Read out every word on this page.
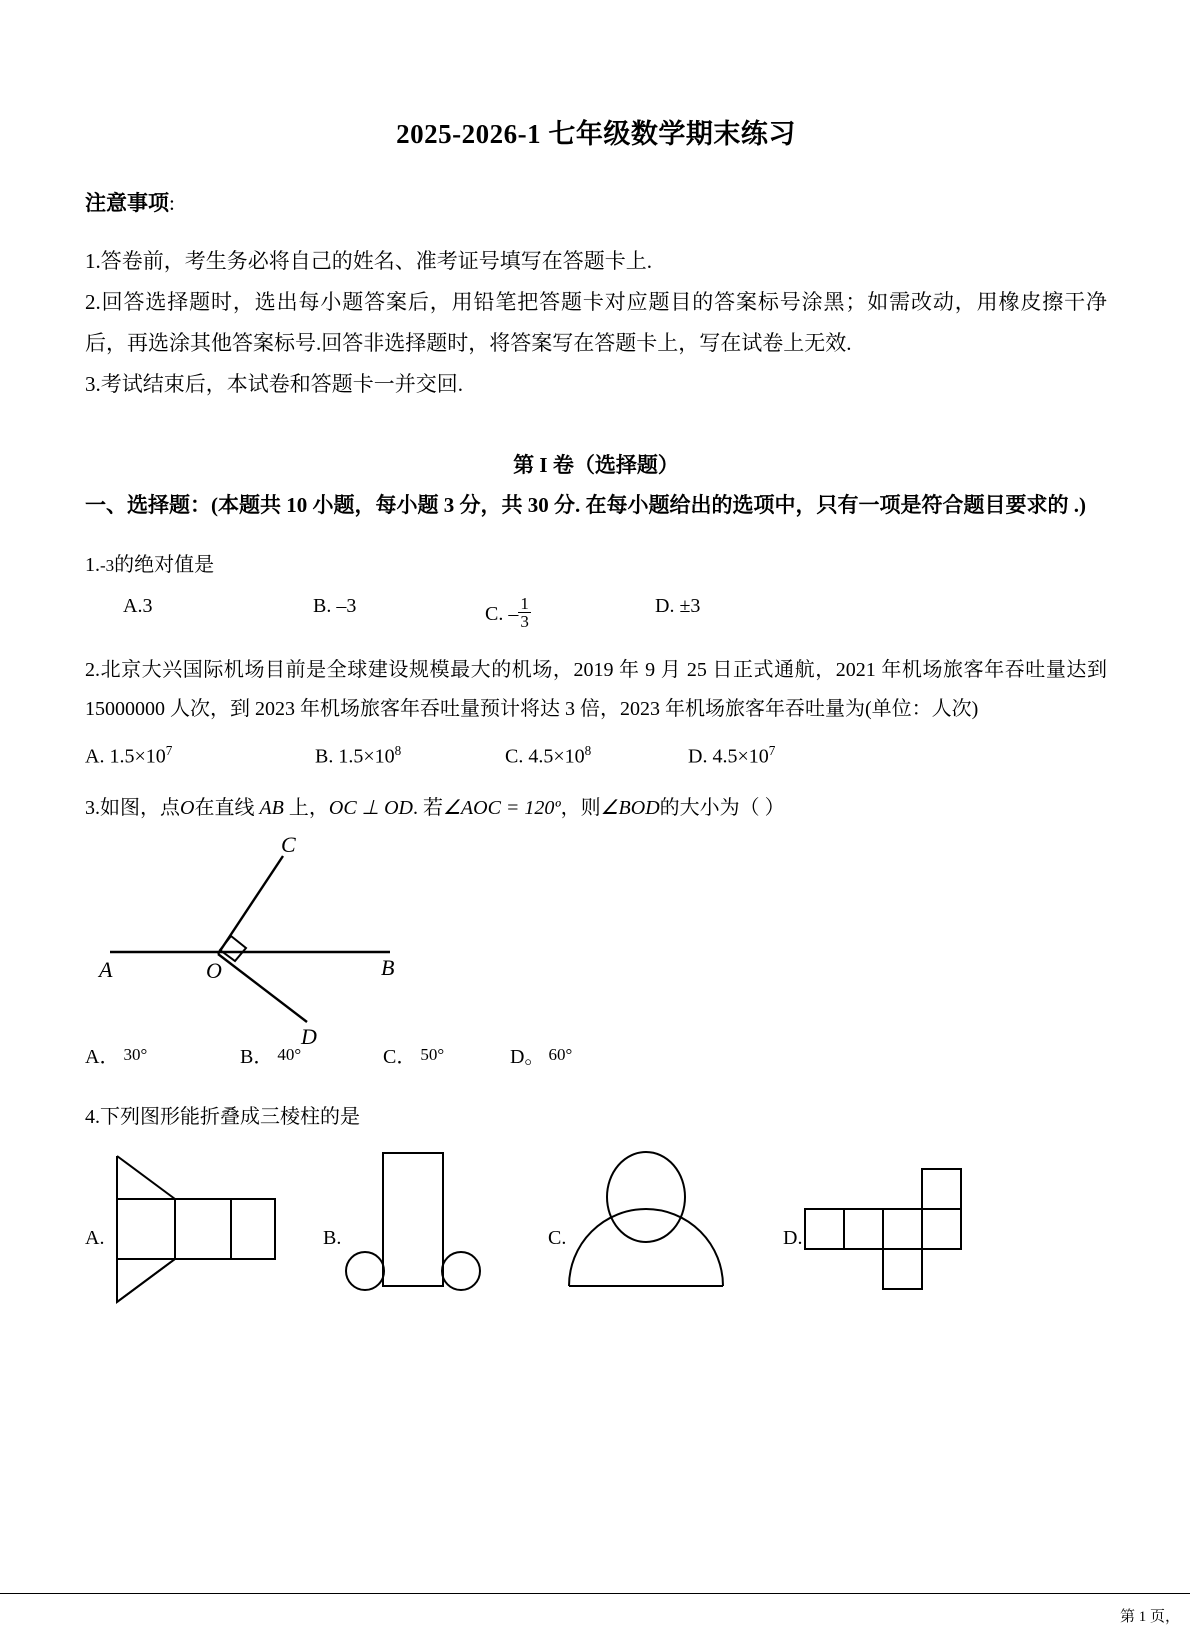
2025-2026-1 七年级数学期末练习

注意事项:

1.答卷前，考生务必将自己的姓名、准考证号填写在答题卡上.

2.回答选择题时，选出每小题答案后，用铅笔把答题卡对应题目的答案标号涂黑；如需改动，用橡皮擦干净后，再选涂其他答案标号.回答非选择题时，将答案写在答题卡上，写在试卷上无效.

3.考试结束后，本试卷和答题卡一并交回.

第 I 卷（选择题）

一、选择题：(本题共 10 小题，每小题 3 分，共 30 分. 在每小题给出的选项中，只有一项是符合题目要求的 .)

1.-3的绝对值是

A.3	B. –3	C. – $\frac{1}{3}$	D. ±3

2.北京大兴国际机场目前是全球建设规模最大的机场，2019 年 9 月 25 日正式通航，2021 年机场旅客年吞吐量达到 15000000 人次，到 2023 年机场旅客年吞吐量预计将达 3 倍，2023 年机场旅客年吞吐量为(单位：人次)

A. $1.5\times 10^7$	B. $1.5\times 10^8$	C. $4.5\times 10^8$	D. $4.5\times 10^7$

3.如图，点O在直线 AB 上，OC ⊥ OD. 若∠AOC = 120º，则∠BOD的大小为（ ）

A	B
C
D
O
A． 30°	B． 40°	C． 50°	D。 60°

4.下列图形能折叠成三棱柱的是

A.	B.	C.	D.
第 1 页，
